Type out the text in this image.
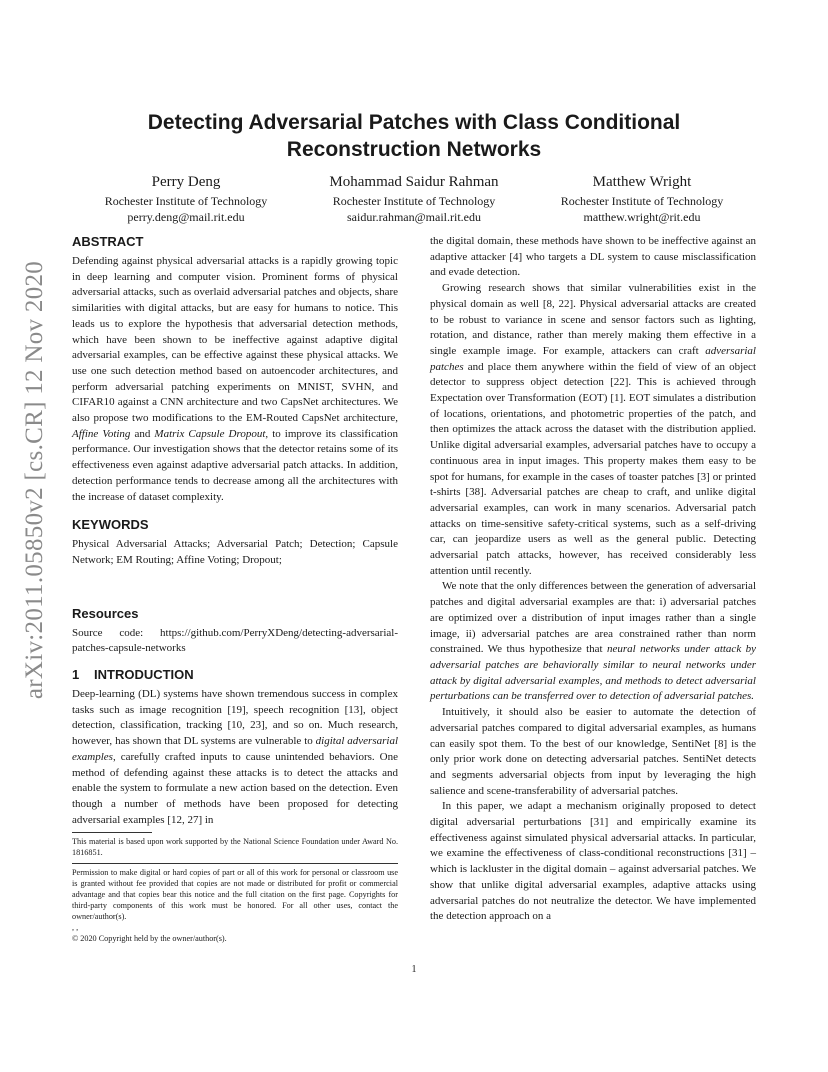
arXiv:2011.05850v2 [cs.CR] 12 Nov 2020
Detecting Adversarial Patches with Class Conditional
Reconstruction Networks
Perry Deng
Rochester Institute of Technology
perry.deng@mail.rit.edu
Mohammad Saidur Rahman
Rochester Institute of Technology
saidur.rahman@mail.rit.edu
Matthew Wright
Rochester Institute of Technology
matthew.wright@rit.edu
ABSTRACT

Defending against physical adversarial attacks is a rapidly growing topic in deep learning and computer vision. Prominent forms of physical adversarial attacks, such as overlaid adversarial patches and objects, share similarities with digital attacks, but are easy for humans to notice. This leads us to explore the hypothesis that adversarial detection methods, which have been shown to be ineffective against adaptive digital adversarial examples, can be effective against these physical attacks. We use one such detection method based on autoencoder architectures, and perform adversarial patching experiments on MNIST, SVHN, and CIFAR10 against a CNN architecture and two CapsNet architectures. We also propose two modifications to the EM-Routed CapsNet architecture, Affine Voting and Matrix Capsule Dropout, to improve its classification performance. Our investigation shows that the detector retains some of its effectiveness even against adaptive adversarial patch attacks. In addition, detection performance tends to decrease among all the architectures with the increase of dataset complexity.

KEYWORDS

Physical Adversarial Attacks; Adversarial Patch; Detection; Capsule Network; EM Routing; Affine Voting; Dropout;

Resources

Source code: https://github.com/PerryXDeng/detecting-adversarial-patches-capsule-networks

1 INTRODUCTION

Deep-learning (DL) systems have shown tremendous success in complex tasks such as image recognition [19], speech recognition [13], object detection, classification, tracking [10, 23], and so on. Much research, however, has shown that DL systems are vulnerable to digital adversarial examples, carefully crafted inputs to cause unintended behaviors. One method of defending against these attacks is to detect the attacks and enable the system to formulate a new action based on the detection. Even though a number of methods have been proposed for detecting adversarial examples [12, 27] in

This material is based upon work supported by the National Science Foundation under Award No. 1816851.

Permission to make digital or hard copies of part or all of this work for personal or classroom use is granted without fee provided that copies are not made or distributed for profit or commercial advantage and that copies bear this notice and the full citation on the first page. Copyrights for third-party components of this work must be honored. For all other uses, contact the owner/author(s).

, ,

© 2020 Copyright held by the owner/author(s).

the digital domain, these methods have shown to be ineffective against an adaptive attacker [4] who targets a DL system to cause misclassification and evade detection.

Growing research shows that similar vulnerabilities exist in the physical domain as well [8, 22]. Physical adversarial attacks are created to be robust to variance in scene and sensor factors such as lighting, rotation, and distance, rather than merely making them effective in a single example image. For example, attackers can craft adversarial patches and place them anywhere within the field of view of an object detector to suppress object detection [22]. This is achieved through Expectation over Transformation (EOT) [1]. EOT simulates a distribution of locations, orientations, and photometric properties of the patch, and then optimizes the attack across the dataset with the distribution applied. Unlike digital adversarial examples, adversarial patches have to occupy a continuous area in input images. This property makes them easy to be spot for humans, for example in the cases of toaster patches [3] or printed t-shirts [38]. Adversarial patches are cheap to craft, and unlike digital adversarial examples, can work in many scenarios. Adversarial patch attacks on time-sensitive safety-critical systems, such as a self-driving car, can jeopardize users as well as the general public. Detecting adversarial patch attacks, however, has received considerably less attention until recently.

We note that the only differences between the generation of adversarial patches and digital adversarial examples are that: i) adversarial patches are optimized over a distribution of input images rather than a single image, ii) adversarial patches are area constrained rather than norm constrained. We thus hypothesize that neural networks under attack by adversarial patches are behaviorally similar to neural networks under attack by digital adversarial examples, and methods to detect adversarial perturbations can be transferred over to detection of adversarial patches.

Intuitively, it should also be easier to automate the detection of adversarial patches compared to digital adversarial examples, as humans can easily spot them. To the best of our knowledge, SentiNet [8] is the only prior work done on detecting adversarial patches. SentiNet detects and segments adversarial objects from input by leveraging the high salience and scene-transferability of adversarial patches.

In this paper, we adapt a mechanism originally proposed to detect digital adversarial perturbations [31] and empirically examine its effectiveness against simulated physical adversarial attacks. In particular, we examine the effectiveness of class-conditional reconstructions [31] – which is lackluster in the digital domain – against adversarial patches. We show that unlike digital adversarial examples, adaptive attacks using adversarial patches do not neutralize the detector. We have implemented the detection approach on a

1
